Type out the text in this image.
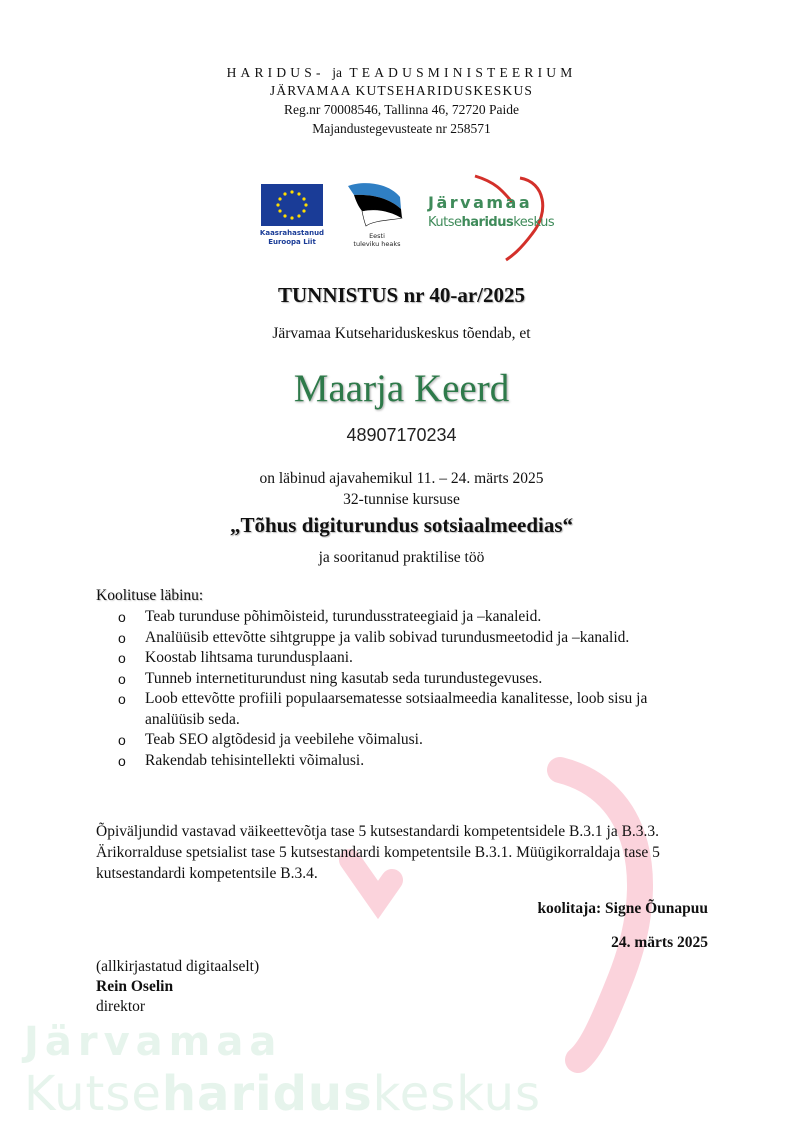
Järvamaa
Kutsehariduskeskus
HARIDUS- ja TEADUSMINISTEERIUM
JÄRVAMAA KUTSEHARIDUSKESKUS
Reg.nr 70008546, Tallinna 46, 72720 Paide
Majandustegevusteate nr 258571
Kaasrahastanud
Euroopa Liit
Eesti
tuleviku heaks
Järvamaa
Kutsehariduskeskus
TUNNISTUS nr 40-ar/2025
Järvamaa Kutsehariduskeskus tõendab, et
Maarja Keerd
48907170234
on läbinud ajavahemikul 11. – 24. märts 2025
32-tunnise kursuse
„Tõhus digiturundus sotsiaalmeedias“
ja sooritanud praktilise töö
Koolituse läbinu:
o Teab turunduse põhimõisteid, turundusstrateegiaid ja –kanaleid.
o Analüüsib ettevõtte sihtgruppe ja valib sobivad turundusmeetodid ja –kanalid.
o Koostab lihtsama turundusplaani.
o Tunneb internetiturundust ning kasutab seda turundustegevuses.
o Loob ettevõtte profiili populaarsematesse sotsiaalmeedia kanalitesse, loob sisu ja analüüsib seda.
o Teab SEO algtõdesid ja veebilehe võimalusi.
o Rakendab tehisintellekti võimalusi.
Õpiväljundid vastavad väikeettevõtja tase 5 kutsestandardi kompetentsidele B.3.1 ja B.3.3. Ärikorralduse spetsialist tase 5 kutsestandardi kompetentsile B.3.1. Müügikorraldaja tase 5 kutsestandardi kompetentsile B.3.4.
koolitaja: Signe Õunapuu
24. märts 2025
(allkirjastatud digitaalselt)
Rein Oselin
direktor
